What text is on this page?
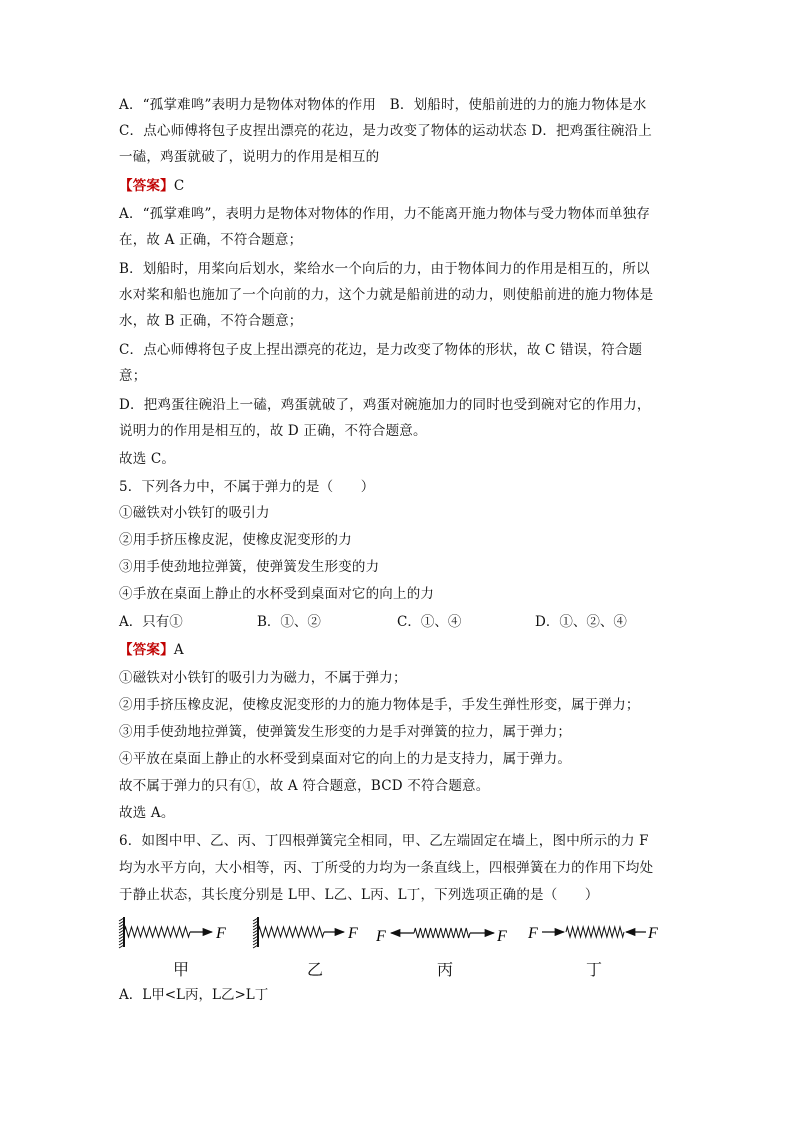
A．“孤掌难鸣”表明力是物体对物体的作用　B．划船时，使船前进的力的施力物体是水
C．点心师傅将包子皮捏出漂亮的花边，是力改变了物体的运动状态 D．把鸡蛋往碗沿上
一磕，鸡蛋就破了，说明力的作用是相互的
【答案】C
A．“孤掌难鸣”，表明力是物体对物体的作用，力不能离开施力物体与受力物体而单独存
在，故 A 正确，不符合题意；
B．划船时，用桨向后划水，桨给水一个向后的力，由于物体间力的作用是相互的，所以
水对桨和船也施加了一个向前的力，这个力就是船前进的动力，则使船前进的施力物体是
水，故 B 正确，不符合题意；
C．点心师傅将包子皮上捏出漂亮的花边，是力改变了物体的形状，故 C 错误，符合题
意；
D．把鸡蛋往碗沿上一磕，鸡蛋就破了，鸡蛋对碗施加力的同时也受到碗对它的作用力，
说明力的作用是相互的，故 D 正确，不符合题意。
故选 C。
5．下列各力中，不属于弹力的是（　　）
①磁铁对小铁钉的吸引力
②用手挤压橡皮泥，使橡皮泥变形的力
③用手使劲地拉弹簧，使弹簧发生形变的力
④手放在桌面上静止的水杯受到桌面对它的向上的力
A．只有①	B．①、②	C．①、④	D．①、②、④
【答案】A
①磁铁对小铁钉的吸引力为磁力，不属于弹力；
②用手挤压橡皮泥，使橡皮泥变形的力的施力物体是手，手发生弹性形变，属于弹力；
③用手使劲地拉弹簧，使弹簧发生形变的力是手对弹簧的拉力，属于弹力；
④平放在桌面上静止的水杯受到桌面对它的向上的力是支持力，属于弹力。
故不属于弹力的只有①，故 A 符合题意，BCD 不符合题意。
故选 A。
6．如图中甲、乙、丙、丁四根弹簧完全相同，甲、乙左端固定在墙上，图中所示的力 F
均为水平方向，大小相等，丙、丁所受的力均为一条直线上，四根弹簧在力的作用下均处
于静止状态，其长度分别是 L甲、L乙、L丙、L丁，下列选项正确的是（　　）
F	F F	F F	F
甲	乙	丙	丁
A．L甲<L丙，L乙>L丁
